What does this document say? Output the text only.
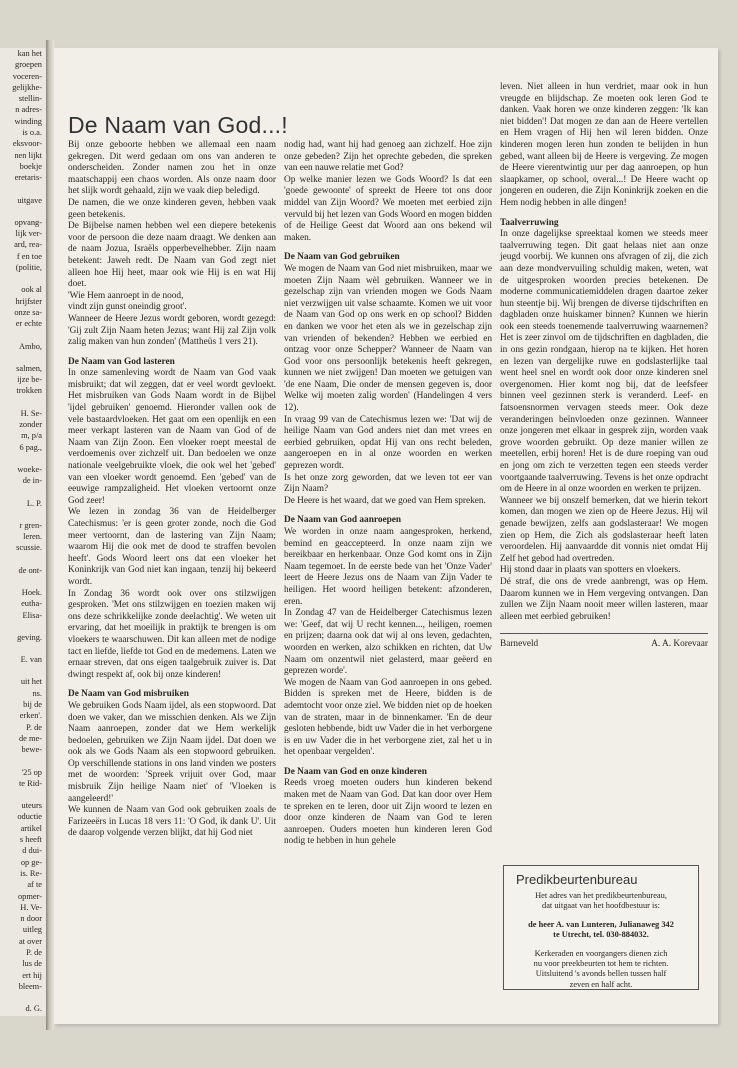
kan het
groepen
voceren-
gelijkhe-
stellin-
n adres-
winding
is o.a.
eksvoor-
nen lijkt
boekje
eretaris-
uitgave
opvang-
lijk ver-
ard, rea-
f en toe
(politie,
ook al
hrijfster
onze sa-
er echte
Ambo,
salmen,
ijze be-
trokken
H. Se-
zonder
m, p/a
6 pag.,
woeke-
de in-
L. P.
r gren-
leren.
scussie.
de ont-
Hoek.
eutha-
Elisa-
geving.
E. van
uit het
ns.
bij de
erken'.
P. de
de me-
bewe-
'25 op
te Rid-
uteurs
oductie
artikel
s heeft
d dui-
op ge-
is. Re-
af te
opmer-
H. Ve-
n door
uitleg
at over
P. de
lus de
ert hij
bleem-
d. G.
De Naam van God...!

Bij onze geboorte hebben we allemaal een naam gekregen. Dit werd gedaan om ons van anderen te onderscheiden. Zonder namen zou het in onze maatschappij een chaos worden. Als onze naam door het slijk wordt gehaald, zijn we vaak diep beledigd.

De namen, die we onze kinderen geven, hebben vaak geen betekenis.

De Bijbelse namen hebben wel een diepere betekenis voor de persoon die deze naam draagt. We denken aan de naam Jozua, Israëls opperbevelhebber. Zijn naam betekent: Jaweh redt. De Naam van God zegt niet alleen hoe Hij heet, maar ook wie Hij is en wat Hij doet.

'Wie Hem aanroept in de nood,

vindt zijn gunst oneindig groot'.

Wanneer de Heere Jezus wordt geboren, wordt gezegd: 'Gij zult Zijn Naam heten Jezus; want Hij zal Zijn volk zalig maken van hun zonden' (Mattheüs 1 vers 21).

De Naam van God lasteren

In onze samenleving wordt de Naam van God vaak misbruikt; dat wil zeggen, dat er veel wordt gevloekt. Het misbruiken van Gods Naam wordt in de Bijbel 'ijdel gebruiken' genoemd. Hieronder vallen ook de vele bastaardvloeken. Het gaat om een openlijk en een meer verkapt lasteren van de Naam van God of de Naam van Zijn Zoon. Een vloeker roept meestal de verdoemenis over zichzelf uit. Dan bedoelen we onze nationale veelgebruikte vloek, die ook wel het 'gebed' van een vloeker wordt genoemd. Een 'gebed' van de eeuwige rampzaligheid. Het vloeken vertoornt onze God zeer!

We lezen in zondag 36 van de Heidelberger Catechismus: 'er is geen groter zonde, noch die God meer vertoornt, dan de lastering van Zijn Naam; waarom Hij die ook met de dood te straffen bevolen heeft'. Gods Woord leert ons dat een vloeker het Koninkrijk van God niet kan ingaan, tenzij hij bekeerd wordt.

In Zondag 36 wordt ook over ons stilzwijgen gesproken. 'Met ons stilzwijgen en toezien maken wij ons deze schrikkelijke zonde deelachtig'. We weten uit ervaring, dat het moeilijk in praktijk te brengen is om vloekers te waarschuwen. Dit kan alleen met de nodige tact en liefde, liefde tot God en de medemens. Laten we ernaar streven, dat ons eigen taalgebruik zuiver is. Dat dwingt respekt af, ook bij onze kinderen!

De Naam van God misbruiken

We gebruiken Gods Naam ijdel, als een stopwoord. Dat doen we vaker, dan we misschien denken. Als we Zijn Naam aanroepen, zonder dat we Hem werkelijk bedoelen, gebruiken we Zijn Naam ijdel. Dat doen we ook als we Gods Naam als een stopwoord gebruiken. Op verschillende stations in ons land vinden we posters met de woorden: 'Spreek vrijuit over God, maar misbruik Zijn heilige Naam niet' of 'Vloeken is aangeleerd!'

We kunnen de Naam van God ook gebruiken zoals de Farizeeërs in Lucas 18 vers 11: 'O God, ik dank U'. Uit de daarop volgende verzen blijkt, dat hij God niet

nodig had, want hij had genoeg aan zichzelf. Hoe zijn onze gebeden? Zijn het oprechte gebeden, die spreken van een nauwe relatie met God?

Op welke manier lezen we Gods Woord? Is dat een 'goede gewoonte' of spreekt de Heere tot ons door middel van Zijn Woord? We moeten met eerbied zijn vervuld bij het lezen van Gods Woord en mogen bidden of de Heilige Geest dat Woord aan ons bekend wil maken.

De Naam van God gebruiken

We mogen de Naam van God niet misbruiken, maar we moeten Zijn Naam wèl gebruiken. Wanneer we in gezelschap zijn van vrienden mogen we Gods Naam niet verzwijgen uit valse schaamte. Komen we uit voor de Naam van God op ons werk en op school? Bidden en danken we voor het eten als we in gezelschap zijn van vrienden of bekenden? Hebben we eerbied en ontzag voor onze Schepper? Wanneer de Naam van God voor ons persoonlijk betekenis heeft gekregen, kunnen we niet zwijgen! Dan moeten we getuigen van 'de ene Naam, Die onder de mensen gegeven is, door Welke wij moeten zalig worden' (Handelingen 4 vers 12).

In vraag 99 van de Catechismus lezen we: 'Dat wij de heilige Naam van God anders niet dan met vrees en eerbied gebruiken, opdat Hij van ons recht beleden, aangeroepen en in al onze woorden en werken geprezen wordt.

Is het onze zorg geworden, dat we leven tot eer van Zijn Naam?

De Heere is het waard, dat we goed van Hem spreken.

De Naam van God aanroepen

We worden in onze naam aangesproken, herkend, bemind en geaccepteerd. In onze naam zijn we bereikbaar en herkenbaar. Onze God komt ons in Zijn Naam tegemoet. In de eerste bede van het 'Onze Vader' leert de Heere Jezus ons de Naam van Zijn Vader te heiligen. Het woord heiligen betekent: afzonderen, eren.

In Zondag 47 van de Heidelberger Catechismus lezen we: 'Geef, dat wij U recht kennen..., heiligen, roemen en prijzen; daarna ook dat wij al ons leven, gedachten, woorden en werken, alzo schikken en richten, dat Uw Naam om onzentwil niet gelasterd, maar geëerd en geprezen worde'.

We mogen de Naam van God aanroepen in ons gebed. Bidden is spreken met de Heere, bidden is de ademtocht voor onze ziel. We bidden niet op de hoeken van de straten, maar in de binnenkamer. 'En de deur gesloten hebbende, bidt uw Vader die in het verborgene is en uw Vader die in het verborgene ziet, zal het u in het openbaar vergelden'.

De Naam van God en onze kinderen

Reeds vroeg moeten ouders hun kinderen bekend maken met de Naam van God. Dat kan door over Hem te spreken en te leren, door uit Zijn woord te lezen en door onze kinderen de Naam van God te leren aanroepen. Ouders moeten hun kinderen leren God nodig te hebben in hun gehele

leven. Niet alleen in hun verdriet, maar ook in hun vreugde en blijdschap. Ze moeten ook leren God te danken. Vaak horen we onze kinderen zeggen: 'Ik kan niet bidden'! Dat mogen ze dan aan de Heere vertellen en Hem vragen of Hij hen wil leren bidden. Onze kinderen mogen leren hun zonden te belijden in hun gebed, want alleen bij de Heere is vergeving. Ze mogen de Heere vierentwintig uur per dag aanroepen, op hun slaapkamer, op school, overal...! De Heere wacht op jongeren en ouderen, die Zijn Koninkrijk zoeken en die Hem nodig hebben in alle dingen!

Taalverruwing

In onze dagelijkse spreektaal komen we steeds meer taalverruwing tegen. Dit gaat helaas niet aan onze jeugd voorbij. We kunnen ons afvragen of zij, die zich aan deze mondvervuiling schuldig maken, weten, wat de uitgesproken woorden precies betekenen. De moderne communicatiemiddelen dragen daartoe zeker hun steentje bij. Wij brengen de diverse tijdschriften en dagbladen onze huiskamer binnen? Kunnen we hierin ook een steeds toenemende taalverruwing waarnemen? Het is zeer zinvol om de tijdschriften en dagbladen, die in ons gezin rondgaan, hierop na te kijken. Het horen en lezen van dergelijke ruwe en godslasterlijke taal went heel snel en wordt ook door onze kinderen snel overgenomen. Hier komt nog bij, dat de leefsfeer binnen veel gezinnen sterk is veranderd. Leef- en fatsoensnormen vervagen steeds meer. Ook deze veranderingen beïnvloeden onze gezinnen. Wanneer onze jongeren met elkaar in gesprek zijn, worden vaak grove woorden gebruikt. Op deze manier willen ze meetellen, erbij horen! Het is de dure roeping van oud en jong om zich te verzetten tegen een steeds verder voortgaande taalverruwing. Tevens is het onze opdracht om de Heere in al onze woorden en werken te prijzen.

Wanneer we bij onszelf bemerken, dat we hierin tekort komen, dan mogen we zien op de Heere Jezus. Hij wil genade bewijzen, zelfs aan godslasteraar! We mogen zien op Hem, die Zich als godslasteraar heeft laten veroordelen. Hij aanvaardde dit vonnis niet omdat Hij Zelf het gebod had overtreden.

Hij stond daar in plaats van spotters en vloekers.

Dé straf, die ons de vrede aanbrengt, was op Hem. Daarom kunnen we in Hem vergeving ontvangen. Dan zullen we Zijn Naam nooit meer willen lasteren, maar alleen met eerbied gebruiken!

Barneveld	A. A. Korevaar
Predikbeurtenbureau

Het adres van het predikbeurtenbureau,

dat uitgaat van het hoofdbestuur is:

de heer A. van Lunteren, Julianaweg 342
te Utrecht, tel. 030-884032.

Kerkeraden en voorgangers dienen zich

nu voor preekbeurten tot hem te richten.

Uitsluitend 's avonds bellen tussen half

zeven en half acht.
